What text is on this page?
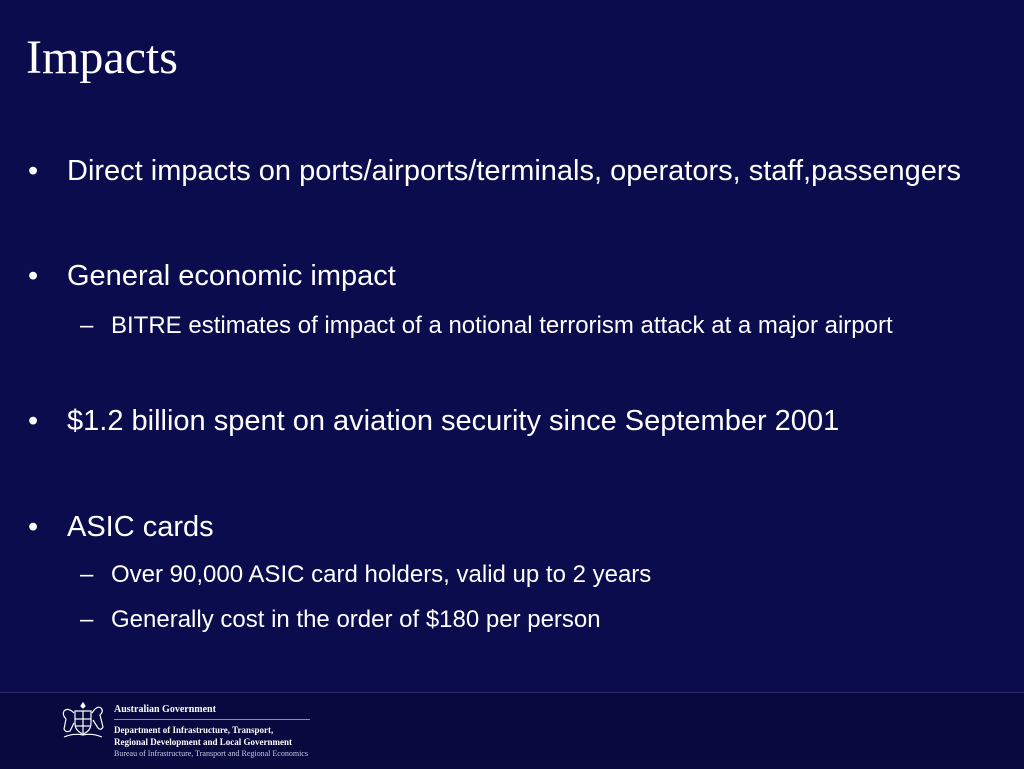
Impacts
• Direct impacts on ports/airports/terminals, operators, staff,passengers
• General economic impact
– BITRE estimates of impact of a notional terrorism attack at a major airport
• $1.2 billion spent on aviation security since September 2001
• ASIC cards
– Over 90,000 ASIC card holders, valid up to 2 years
– Generally cost in the order of $180 per person
Australian Government
Department of Infrastructure, Transport,
Regional Development and Local Government
Bureau of Infrastructure, Transport and Regional Economics
